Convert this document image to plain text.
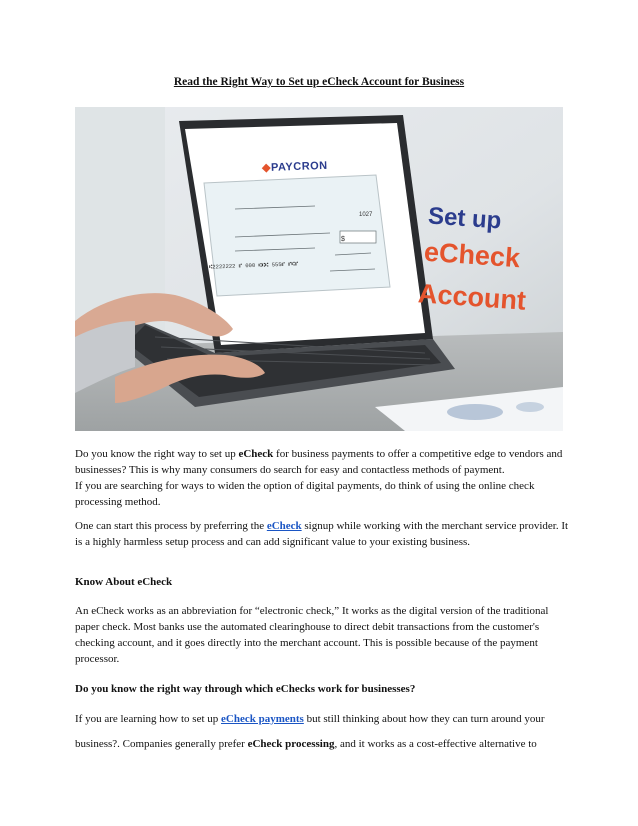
Read the Right Way to Set up eCheck Account for Business
◆PAYCRON
1027
$
⑆2222222 ⑈ 000 ⑆⑆⑆ 555⑈ ⑈⑆⑈
Set up
eCheck
Account
Do you know the right way to set up eCheck for business payments to offer a competitive edge to vendors and businesses? This is why many consumers do search for easy and contactless methods of payment.
If you are searching for ways to widen the option of digital payments, do think of using the online check processing method.
One can start this process by preferring the eCheck signup while working with the merchant service provider. It is a highly harmless setup process and can add significant value to your existing business.
Know About eCheck
An eCheck works as an abbreviation for “electronic check,” It works as the digital version of the traditional paper check. Most banks use the automated clearinghouse to direct debit transactions from the customer's checking account, and it goes directly into the merchant account. This is possible because of the payment processor.
Do you know the right way through which eChecks work for businesses?
If you are learning how to set up eCheck payments but still thinking about how they can turn around your
business?. Companies generally prefer eCheck processing, and it works as a cost-effective alternative to
